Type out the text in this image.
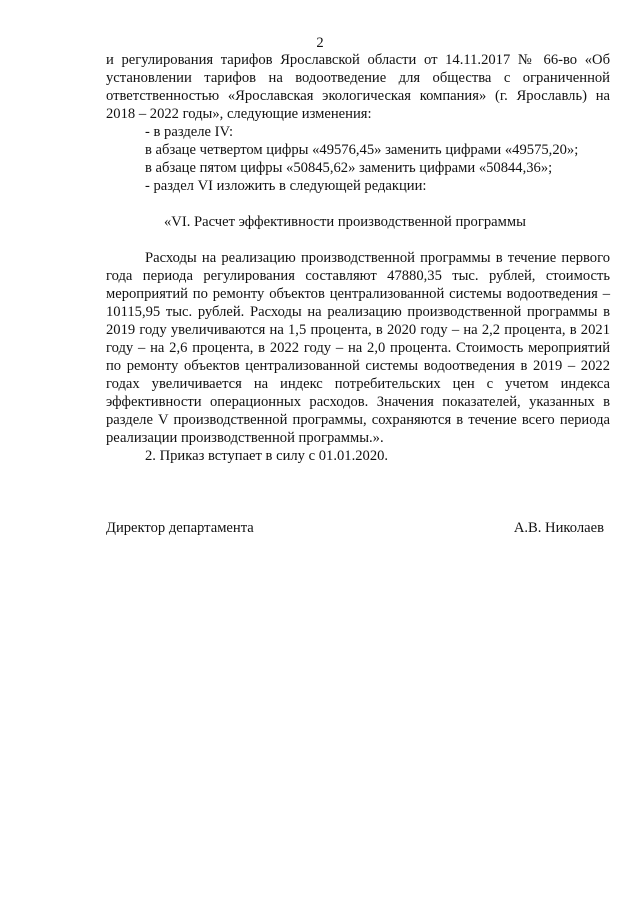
2

и регулирования тарифов Ярославской области от 14.11.2017 № 66-во «Об установлении тарифов на водоотведение для общества с ограниченной ответственностью «Ярославская экологическая компания» (г. Ярославль) на 2018 – 2022 годы», следующие изменения:

- в разделе IV:

в абзаце четвертом цифры «49576,45» заменить цифрами «49575,20»;

в абзаце пятом цифры «50845,62» заменить цифрами «50844,36»;

- раздел VI изложить в следующей редакции:

«VI. Расчет эффективности производственной программы

Расходы на реализацию производственной программы в течение первого года периода регулирования составляют 47880,35 тыс. рублей, стоимость мероприятий по ремонту объектов централизованной системы водоотведения – 10115,95 тыс. рублей. Расходы на реализацию производственной программы в 2019 году увеличиваются на 1,5 процента, в 2020 году – на 2,2 процента, в 2021 году – на 2,6 процента, в 2022 году – на 2,0 процента. Стоимость мероприятий по ремонту объектов централизованной системы водоотведения в 2019 – 2022 годах увеличивается на индекс потребительских цен с учетом индекса эффективности операционных расходов. Значения показателей, указанных в разделе V производственной программы, сохраняются в течение всего периода реализации производственной программы.».

2. Приказ вступает в силу с 01.01.2020.

Директор департамента	А.В. Николаев
